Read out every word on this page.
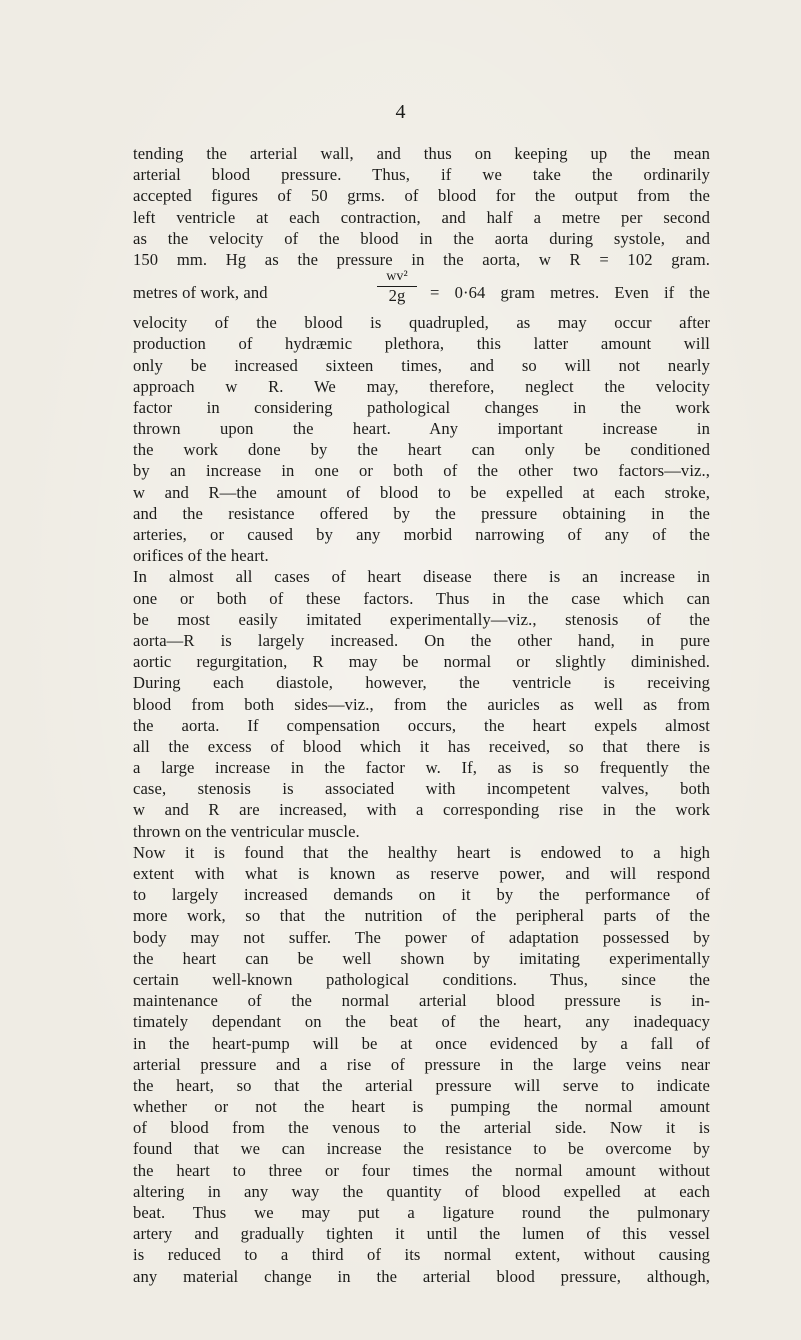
4
tending the arterial wall, and thus on keeping up the mean
arterial blood pressure. Thus, if we take the ordinarily
accepted figures of 50 grms. of blood for the output from the
left ventricle at each contraction, and half a metre per second
as the velocity of the blood in the aorta during systole, and
150 mm. Hg as the pressure in the aorta, w R = 102 gram.
metres of work, and
wv²
2g	= 0·64 gram metres. Even if the
velocity of the blood is quadrupled, as may occur after
production of hydræmic plethora, this latter amount will
only be increased sixteen times, and so will not nearly
approach w R. We may, therefore, neglect the velocity
factor in considering pathological changes in the work
thrown upon the heart. Any important increase in
the work done by the heart can only be conditioned
by an increase in one or both of the other two factors—viz.,
w and R—the amount of blood to be expelled at each stroke,
and the resistance offered by the pressure obtaining in the
arteries, or caused by any morbid narrowing of any of the
orifices of the heart.
In almost all cases of heart disease there is an increase in
one or both of these factors. Thus in the case which can
be most easily imitated experimentally—viz., stenosis of the
aorta—R is largely increased. On the other hand, in pure
aortic regurgitation, R may be normal or slightly diminished.
During each diastole, however, the ventricle is receiving
blood from both sides—viz., from the auricles as well as from
the aorta. If compensation occurs, the heart expels almost
all the excess of blood which it has received, so that there is
a large increase in the factor w. If, as is so frequently the
case, stenosis is associated with incompetent valves, both
w and R are increased, with a corresponding rise in the work
thrown on the ventricular muscle.
Now it is found that the healthy heart is endowed to a high
extent with what is known as reserve power, and will respond
to largely increased demands on it by the performance of
more work, so that the nutrition of the peripheral parts of the
body may not suffer. The power of adaptation possessed by
the heart can be well shown by imitating experimentally
certain well-known pathological conditions. Thus, since the
maintenance of the normal arterial blood pressure is in-
timately dependant on the beat of the heart, any inadequacy
in the heart-pump will be at once evidenced by a fall of
arterial pressure and a rise of pressure in the large veins near
the heart, so that the arterial pressure will serve to indicate
whether or not the heart is pumping the normal amount
of blood from the venous to the arterial side. Now it is
found that we can increase the resistance to be overcome by
the heart to three or four times the normal amount without
altering in any way the quantity of blood expelled at each
beat. Thus we may put a ligature round the pulmonary
artery and gradually tighten it until the lumen of this vessel
is reduced to a third of its normal extent, without causing
any material change in the arterial blood pressure, although,
